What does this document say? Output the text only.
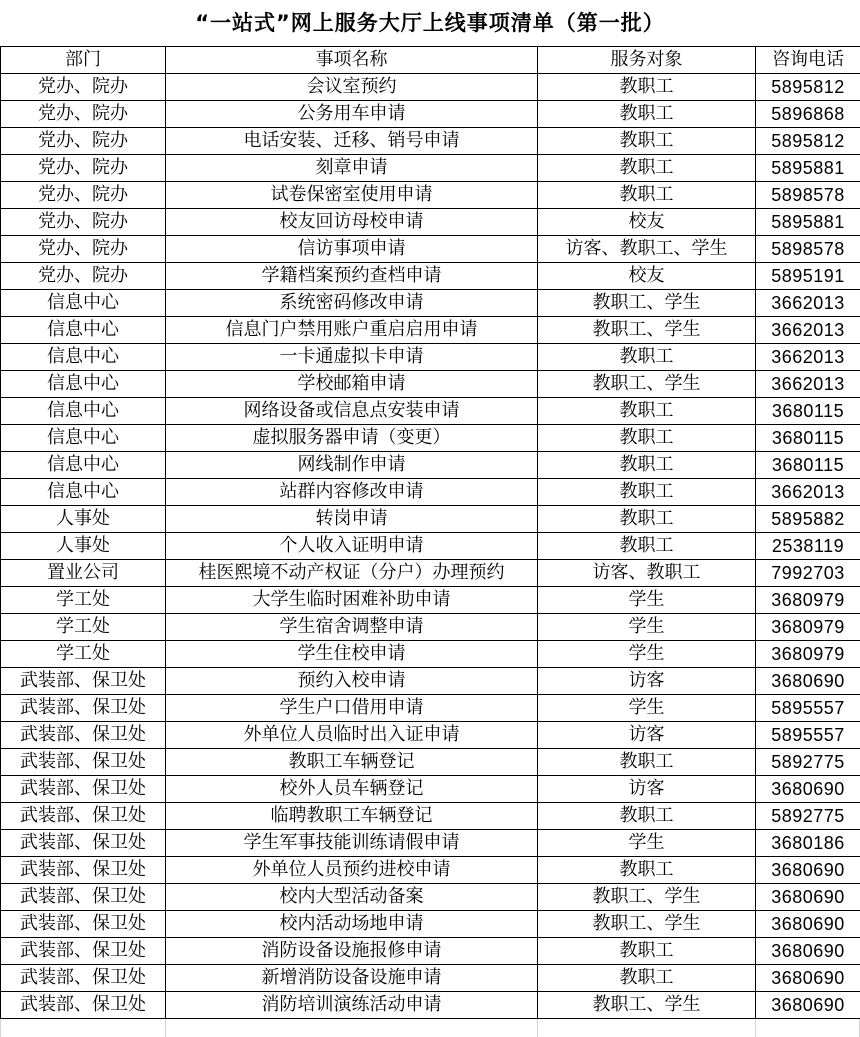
“一站式”网上服务大厅上线事项清单（第一批）
部门	事项名称	服务对象	咨询电话
党办、院办	会议室预约	教职工	5895812
党办、院办	公务用车申请	教职工	5896868
党办、院办	电话安装、迁移、销号申请	教职工	5895812
党办、院办	刻章申请	教职工	5895881
党办、院办	试卷保密室使用申请	教职工	5898578
党办、院办	校友回访母校申请	校友	5895881
党办、院办	信访事项申请	访客、教职工、学生	5898578
党办、院办	学籍档案预约查档申请	校友	5895191
信息中心	系统密码修改申请	教职工、学生	3662013
信息中心	信息门户禁用账户重启启用申请	教职工、学生	3662013
信息中心	一卡通虚拟卡申请	教职工	3662013
信息中心	学校邮箱申请	教职工、学生	3662013
信息中心	网络设备或信息点安装申请	教职工	3680115
信息中心	虚拟服务器申请（变更）	教职工	3680115
信息中心	网线制作申请	教职工	3680115
信息中心	站群内容修改申请	教职工	3662013
人事处	转岗申请	教职工	5895882
人事处	个人收入证明申请	教职工	2538119
置业公司	桂医熙境不动产权证（分户）办理预约	访客、教职工	7992703
学工处	大学生临时困难补助申请	学生	3680979
学工处	学生宿舍调整申请	学生	3680979
学工处	学生住校申请	学生	3680979
武装部、保卫处	预约入校申请	访客	3680690
武装部、保卫处	学生户口借用申请	学生	5895557
武装部、保卫处	外单位人员临时出入证申请	访客	5895557
武装部、保卫处	教职工车辆登记	教职工	5892775
武装部、保卫处	校外人员车辆登记	访客	3680690
武装部、保卫处	临聘教职工车辆登记	教职工	5892775
武装部、保卫处	学生军事技能训练请假申请	学生	3680186
武装部、保卫处	外单位人员预约进校申请	教职工	3680690
武装部、保卫处	校内大型活动备案	教职工、学生	3680690
武装部、保卫处	校内活动场地申请	教职工、学生	3680690
武装部、保卫处	消防设备设施报修申请	教职工	3680690
武装部、保卫处	新增消防设备设施申请	教职工	3680690
武装部、保卫处	消防培训演练活动申请	教职工、学生	3680690
